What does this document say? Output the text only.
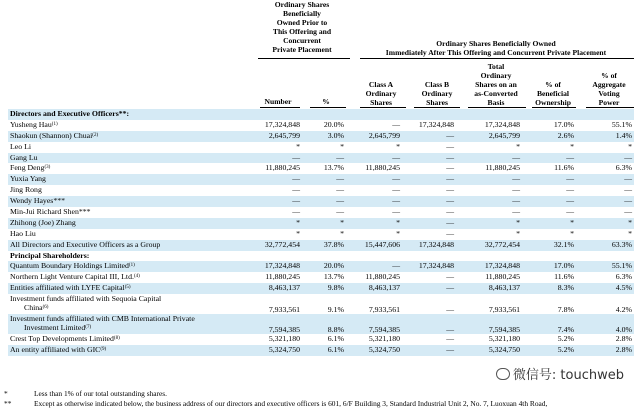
Ordinary Shares
Beneficially
Owned Prior to
This Offering and
Concurrent
Private Placement
Ordinary Shares Beneficially Owned
Immediately After This Offering and Concurrent Private Placement
Number	%
Class A
Ordinary
Shares
Class B
Ordinary
Shares
Total
Ordinary
Shares on an
as-Converted
Basis
% of
Beneficial
Ownership
% of
Aggregate
Voting
Power
Directors and Executive Officers**:							
Yusheng Hau$^{(1)}$	17,324,848	20.0%	—	17,324,848	17,324,848	17.0%	55.1%
Shaokun (Shannon) Chuai$^{(2)}$	2,645,799	3.0%	2,645,799	—	2,645,799	2.6%	1.4%
Leo Li	*	*	*	—	*	*	*
Gang Lu	—	—	—	—	—	—	—
Feng Deng$^{(3)}$	11,880,245	13.7%	11,880,245	—	11,880,245	11.6%	6.3%
Yuxia Yang	—	—	—	—	—	—	—
Jing Rong	—	—	—	—	—	—	—
Wendy Hayes***	—	—	—	—	—	—	—
Min-Jui Richard Shen***	—	—	—	—	—	—	—
Zhihong (Joe) Zhang	*	*	*	—	*	*	*
Hao Liu	*	*	*	—	*	*	*
All Directors and Executive Officers as a Group	32,772,454	37.8%	15,447,606	17,324,848	32,772,454	32.1%	63.3%
Principal Shareholders:							
Quantum Boundary Holdings Limited$^{(1)}$	17,324,848	20.0%	—	17,324,848	17,324,848	17.0%	55.1%
Northern Light Venture Capital III, Ltd.$^{(4)}$	11,880,245	13.7%	11,880,245	—	11,880,245	11.6%	6.3%
Entities affiliated with LYFE Capital$^{(5)}$	8,463,137	9.8%	8,463,137	—	8,463,137	8.3%	4.5%

Investment funds affiliated with Sequoia Capital
China$^{(6)}$	7,933,561	9.1%	7,933,561	—	7,933,561	7.8%	4.2%

Investment funds affiliated with CMB International Private
Investment Limited$^{(7)}$	7,594,385	8.8%	7,594,385	—	7,594,385	7.4%	4.0%
Crest Top Developments Limited$^{(8)}$	5,321,180	6.1%	5,321,180	—	5,321,180	5.2%	2.8%
An entity affiliated with GIC$^{(9)}$	5,324,750	6.1%	5,324,750	—	5,324,750	5.2%	2.8%
*	Less than 1% of our total outstanding shares.
**	Except as otherwise indicated below, the business address of our directors and executive officers is 601, 6/F Building 3, Standard Industrial Unit 2, No. 7, Luoxuan 4th Road,
微信号: touchweb
